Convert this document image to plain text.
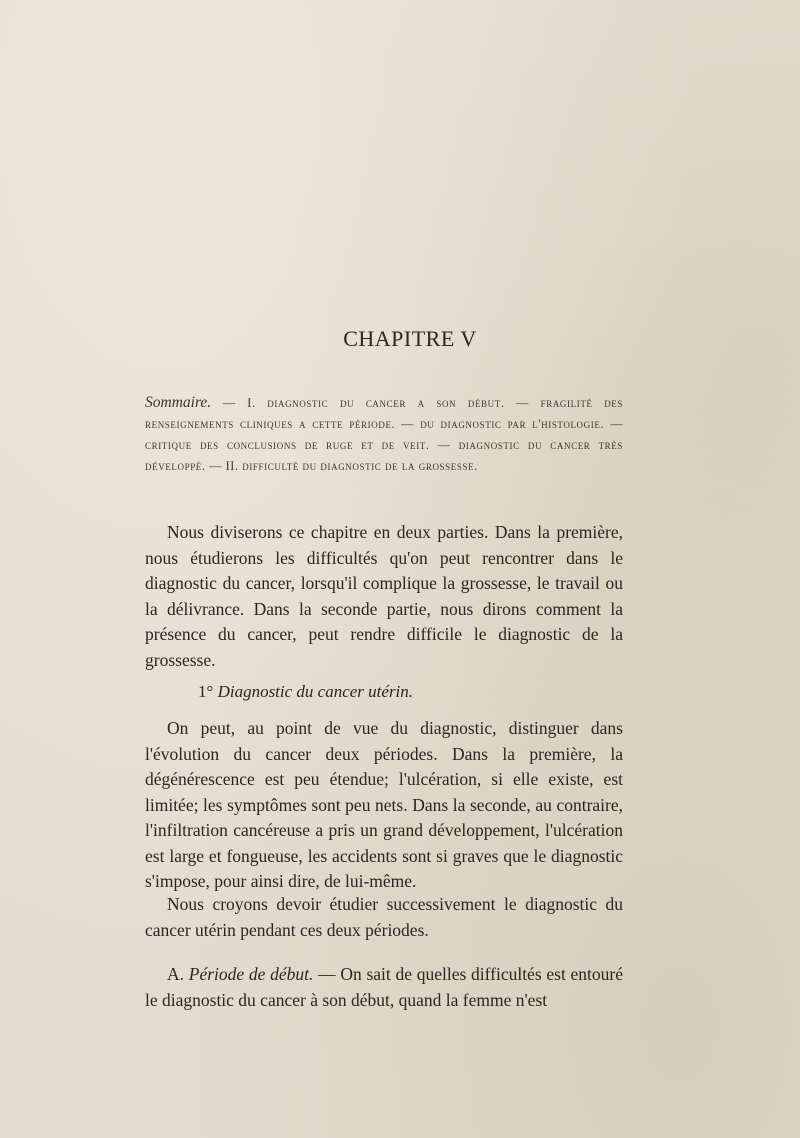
CHAPITRE V
Sommaire. — I. diagnostic du cancer a son début. — fragilité des renseignements cliniques a cette période. — du diagnostic par l'histologie. — critique des conclusions de ruge et de veit. — diagnostic du cancer très développé. — II. difficulté du diagnostic de la grossesse.

Nous diviserons ce chapitre en deux parties. Dans la première, nous étudierons les difficultés qu'on peut rencontrer dans le diagnostic du cancer, lorsqu'il complique la grossesse, le travail ou la délivrance. Dans la seconde partie, nous dirons comment la présence du cancer, peut rendre difficile le diagnostic de la grossesse.

1° Diagnostic du cancer utérin.

On peut, au point de vue du diagnostic, distinguer dans l'évolution du cancer deux périodes. Dans la première, la dégénérescence est peu étendue; l'ulcération, si elle existe, est limitée; les symptômes sont peu nets. Dans la seconde, au contraire, l'infiltration cancéreuse a pris un grand développement, l'ulcération est large et fongueuse, les accidents sont si graves que le diagnostic s'impose, pour ainsi dire, de lui-même.

Nous croyons devoir étudier successivement le diagnostic du cancer utérin pendant ces deux périodes.

A. Période de début. — On sait de quelles difficultés est entouré le diagnostic du cancer à son début, quand la femme n'est
